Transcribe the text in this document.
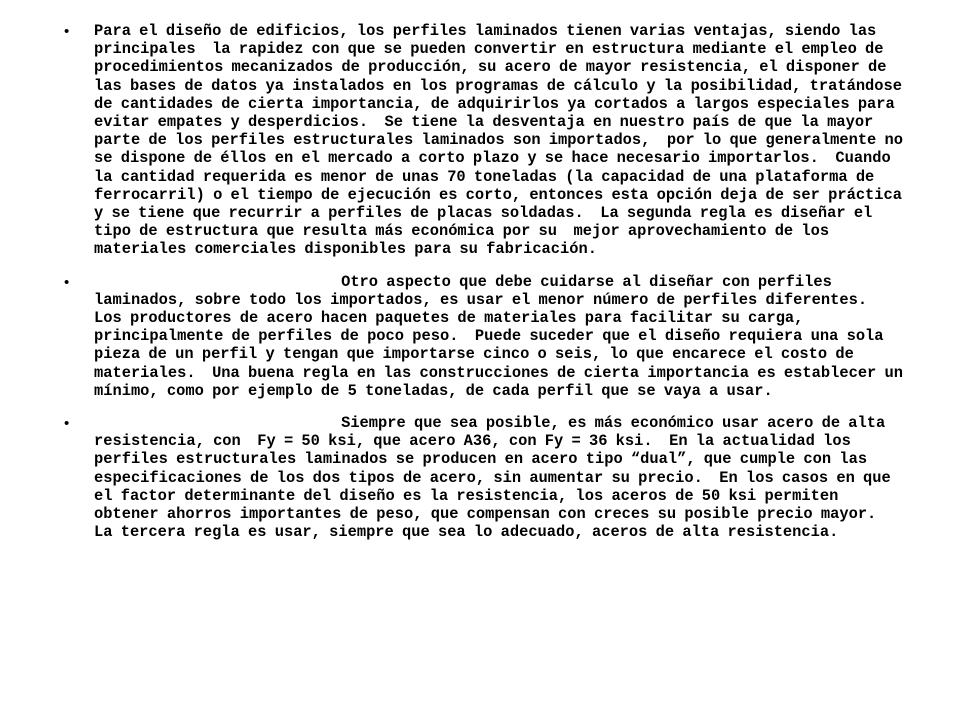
• Para el diseño de edificios, los perfiles laminados tienen varias ventajas, siendo las principales  la rapidez con que se pueden convertir en estructura mediante el empleo de procedimientos mecanizados de producción, su acero de mayor resistencia, el disponer de las bases de datos ya instalados en los programas de cálculo y la posibilidad, tratándose de cantidades de cierta importancia, de adquirirlos ya cortados a largos especiales para evitar empates y desperdicios.  Se tiene la desventaja en nuestro país de que la mayor parte de los perfiles estructurales laminados son importados,  por lo que generalmente no se dispone de éllos en el mercado a corto plazo y se hace necesario importarlos.  Cuando la cantidad requerida es menor de unas 70 toneladas (la capacidad de una plataforma de ferrocarril) o el tiempo de ejecución es corto, entonces esta opción deja de ser práctica y se tiene que recurrir a perfiles de placas soldadas.  La segunda regla es diseñar el tipo de estructura que resulta más económica por su  mejor aprovechamiento de los materiales comerciales disponibles para su fabricación.

• Otro aspecto que debe cuidarse al diseñar con perfiles laminados, sobre todo los importados, es usar el menor número de perfiles diferentes.   Los productores de acero hacen paquetes de materiales para facilitar su carga, principalmente de perfiles de poco peso.  Puede suceder que el diseño requiera una sola pieza de un perfil y tengan que importarse cinco o seis, lo que encarece el costo de materiales.  Una buena regla en las construcciones de cierta importancia es establecer un mínimo, como por ejemplo de 5 toneladas, de cada perfil que se vaya a usar.

• Siempre que sea posible, es más económico usar acero de alta resistencia, con  Fy = 50 ksi, que acero A36, con Fy = 36 ksi.  En la actualidad los perfiles estructurales laminados se producen en acero tipo “dual”, que cumple con las especificaciones de los dos tipos de acero, sin aumentar su precio.  En los casos en que el factor determinante del diseño es la resistencia, los aceros de 50 ksi permiten obtener ahorros importantes de peso, que compensan con creces su posible precio mayor.  La tercera regla es usar, siempre que sea lo adecuado, aceros de alta resistencia.
